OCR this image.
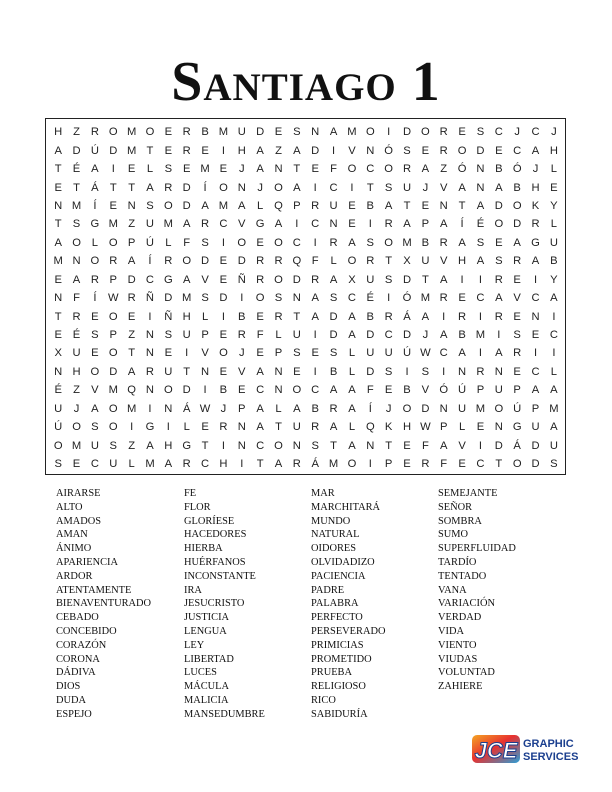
Santiago 1
H Z R O M O E R B M U D E S N A M O	I	D O R E S C	J	C	J
A D Ú D M T	E R E	I	H A	Z	A D	I	V N Ó S E R O D E C A H
T	É A	I	E	L	S E M E	J	A N T	E	F O C O R A	Z Ó N B Ó	J	L
E	T	Á	T	T	A R D	Í	O N	J	O A	I	C	I	T	S U	J	V A N A B H E
N M	Í	E N S O D A M A	L Q P R U E B A	T	E N T	A D O K Y
T	S G M Z U M A R C V G A	I	C N E	I	R A P A	Í	É O D R	L
A O L O P Ú	L	F	S	I	O E O C	I	R A S O M B R A S E A G U
M N O R A	Í	R O D E D R R Q F	L O R T	X U V H A S R A B
E A R P D C G A V E Ñ R O D R A X U S D T	A	I	I	R E	I	Y
N F	Í	W R Ñ D M S D	I	O S N A S C É	I	Ó M R E C A V C A
T R E O E	I	Ñ H	L	I	B E R T	A D A B R Á A	I	R	I	R E N	I
E É S P	Z N S U P E R F	L U	I	D A D C D	J	A B M	I	S E C
X U E O T N E	I	V O	J	E P S E S	L U U Ú W C A	I	A R	I	I
N H O D A R U T N E V A N E	I	B	L D S	I	S	I	N R N E C	L
É	Z	V M Q N O D	I	B E C N O C A A	F	E B V Ó Ú P U P A A
U	J	A O M	I	N Á W J	P A	L	A B R A	Í	J	O D N U M O Ú P M
Ú O S O	I	G	I	L	E R N A	T U R A	L Q K H W P	L	E N G U A
O M U S	Z	A H G T	I	N C O N S	T	A N T	E	F	A V	I	D Á D U
S E C U	L M A R C H	I	T	A R Á M O	I	P E R F	E C T O D S
AIRARSE
ALTO
AMADOS
AMAN
ÁNIMO
APARIENCIA
ARDOR
ATENTAMENTE
BIENAVENTURADO
CEBADO
CONCEBIDO
CORAZÓN
CORONA
DÁDIVA
DIOS
DUDA
ESPEJO
FE
FLOR
GLORÍESE
HACEDORES
HIERBA
HUÉRFANOS
INCONSTANTE
IRA
JESUCRISTO
JUSTICIA
LENGUA
LEY
LIBERTAD
LUCES
MÁCULA
MALICIA
MANSEDUMBRE
MAR
MARCHITARÁ
MUNDO
NATURAL
OIDORES
OLVIDADIZO
PACIENCIA
PADRE
PALABRA
PERFECTO
PERSEVERADO
PRIMICIAS
PROMETIDO
PRUEBA
RELIGIOSO
RICO
SABIDURÍA
SEMEJANTE
SEÑOR
SOMBRA
SUMO
SUPERFLUIDAD
TARDÍO
TENTADO
VANA
VARIACIÓN
VERDAD
VIDA
VIENTO
VIUDAS
VOLUNTAD
ZAHIERE
JCE GRAPHIC
SERVICES
